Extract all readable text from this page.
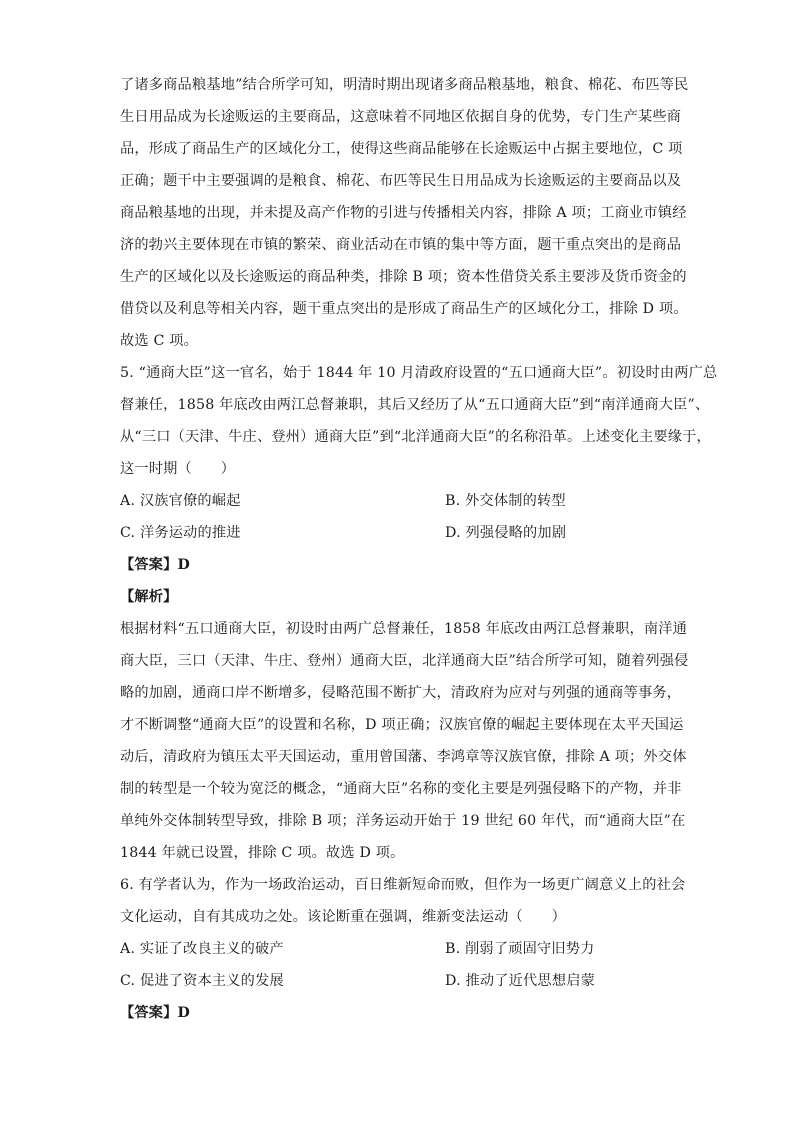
了诸多商品粮基地”结合所学可知，明清时期出现诸多商品粮基地，粮食、棉花、布匹等民
生日用品成为长途贩运的主要商品，这意味着不同地区依据自身的优势，专门生产某些商
品，形成了商品生产的区域化分工，使得这些商品能够在长途贩运中占据主要地位，C 项
正确；题干中主要强调的是粮食、棉花、布匹等民生日用品成为长途贩运的主要商品以及
商品粮基地的出现，并未提及高产作物的引进与传播相关内容，排除 A 项；工商业市镇经
济的勃兴主要体现在市镇的繁荣、商业活动在市镇的集中等方面，题干重点突出的是商品
生产的区域化以及长途贩运的商品种类，排除 B 项；资本性借贷关系主要涉及货币资金的
借贷以及利息等相关内容，题干重点突出的是形成了商品生产的区域化分工，排除 D 项。
故选 C 项。
5. “通商大臣”这一官名，始于 1844 年 10 月清政府设置的“五口通商大臣”。初设时由两广总
督兼任，1858 年底改由两江总督兼职，其后又经历了从“五口通商大臣”到“南洋通商大臣”、
从“三口（天津、牛庄、登州）通商大臣”到“北洋通商大臣”的名称沿革。上述变化主要缘于，
这一时期（　　）
A. 汉族官僚的崛起	B. 外交体制的转型
C. 洋务运动的推进	D. 列强侵略的加剧
【答案】D
【解析】
根据材料“五口通商大臣，初设时由两广总督兼任，1858 年底改由两江总督兼职，南洋通
商大臣，三口（天津、牛庄、登州）通商大臣，北洋通商大臣”结合所学可知，随着列强侵
略的加剧，通商口岸不断增多，侵略范围不断扩大，清政府为应对与列强的通商等事务，
才不断调整“通商大臣”的设置和名称，D 项正确；汉族官僚的崛起主要体现在太平天国运
动后，清政府为镇压太平天国运动，重用曾国藩、李鸿章等汉族官僚，排除 A 项；外交体
制的转型是一个较为宽泛的概念，“通商大臣”名称的变化主要是列强侵略下的产物，并非
单纯外交体制转型导致，排除 B 项；洋务运动开始于 19 世纪 60 年代，而“通商大臣”在
1844 年就已设置，排除 C 项。故选 D 项。
6. 有学者认为，作为一场政治运动，百日维新短命而败，但作为一场更广阔意义上的社会
文化运动，自有其成功之处。该论断重在强调，维新变法运动（　　）
A. 实证了改良主义的破产	B. 削弱了顽固守旧势力
C. 促进了资本主义的发展	D. 推动了近代思想启蒙
【答案】D
